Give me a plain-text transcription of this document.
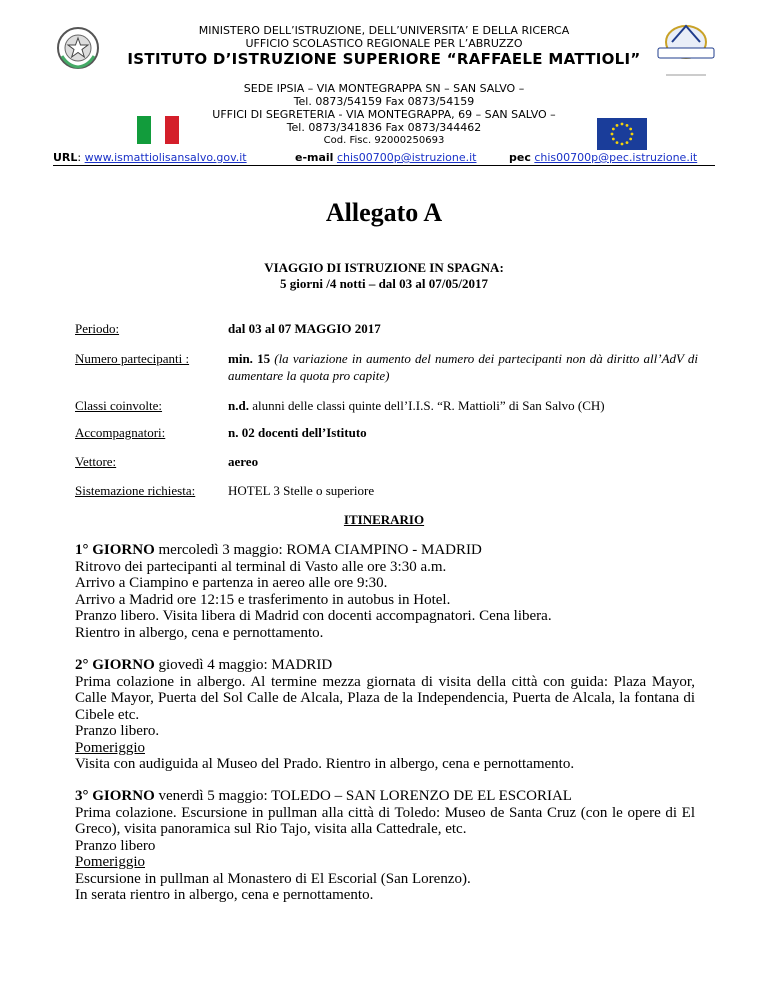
MINISTERO DELL’ISTRUZIONE, DELL’UNIVERSITA’ E DELLA RICERCA
UFFICIO SCOLASTICO REGIONALE PER L’ABRUZZO
ISTITUTO D’ISTRUZIONE SUPERIORE “RAFFAELE MATTIOLI”
SEDE IPSIA – VIA MONTEGRAPPA SN – SAN SALVO –
Tel. 0873/54159 Fax 0873/54159
UFFICI DI SEGRETERIA - VIA MONTEGRAPPA, 69 – SAN SALVO –
Tel. 0873/341836 Fax 0873/344462
Cod. Fisc. 92000250693
URL: www.ismattiolisansalvo.gov.it	e-mail chis00700p@istruzione.it	pec chis00700p@pec.istruzione.it
Allegato A
VIAGGIO DI ISTRUZIONE IN SPAGNA:
5 giorni /4 notti – dal 03 al 07/05/2017
Periodo:	dal 03 al 07 MAGGIO 2017
Numero partecipanti :	min. 15 (la variazione in aumento del numero dei partecipanti non dà diritto all’AdV di aumentare la quota pro capite)
Classi coinvolte:	n.d. alunni delle classi quinte dell’I.I.S. “R. Mattioli” di San Salvo (CH)
Accompagnatori:	n. 02 docenti dell’Istituto
Vettore:	aereo
Sistemazione richiesta:	HOTEL 3 Stelle o superiore
ITINERARIO

1° GIORNO mercoledì 3 maggio: ROMA CIAMPINO - MADRID

Ritrovo dei partecipanti al terminal di Vasto alle ore 3:30 a.m.

Arrivo a Ciampino e partenza in aereo alle ore 9:30.

Arrivo a Madrid ore 12:15 e trasferimento in autobus in Hotel.

Pranzo libero. Visita libera di Madrid con docenti accompagnatori. Cena libera.

Rientro in albergo, cena e pernottamento.

2° GIORNO giovedì 4 maggio: MADRID

Prima colazione in albergo. Al termine mezza giornata di visita della città con guida: Plaza Mayor, Calle Mayor, Puerta del Sol Calle de Alcala, Plaza de la Independencia, Puerta de Alcala, la fontana di Cibele etc.

Pranzo libero.

Pomeriggio

Visita con audiguida al Museo del Prado. Rientro in albergo, cena e pernottamento.

3° GIORNO venerdì 5 maggio: TOLEDO – SAN LORENZO DE EL ESCORIAL

Prima colazione. Escursione in pullman alla città di Toledo: Museo de Santa Cruz (con le opere di El Greco), visita panoramica sul Rio Tajo, visita alla Cattedrale, etc.

Pranzo libero

Pomeriggio

Escursione in pullman al Monastero di El Escorial (San Lorenzo).

In serata rientro in albergo, cena e pernottamento.
